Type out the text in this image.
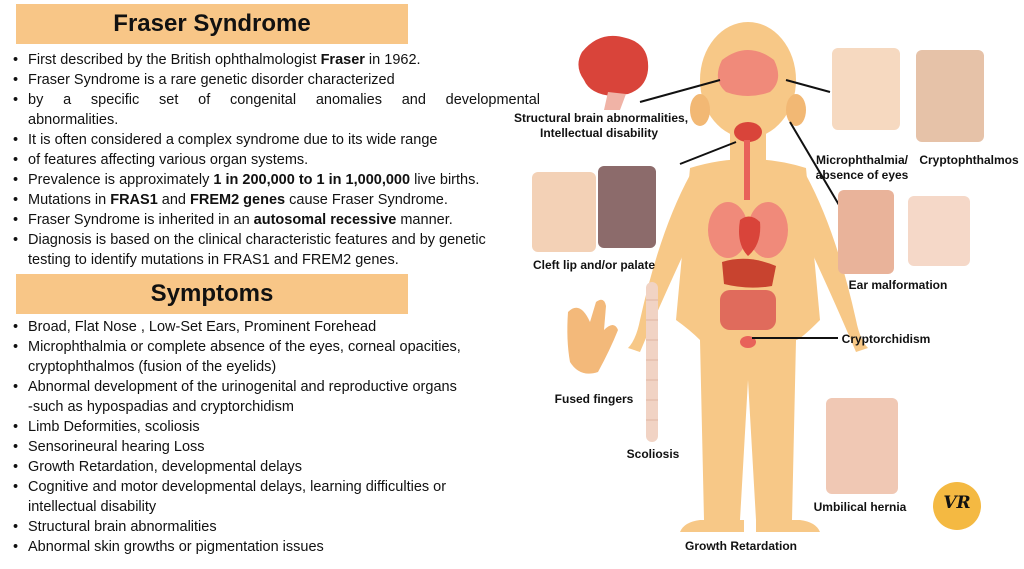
Fraser Syndrome
• First described by the British ophthalmologist Fraser in 1962.
• Fraser Syndrome is a rare genetic disorder characterized
• by a specific set of congenital anomalies and developmental
abnormalities.
• It is often considered a complex syndrome due to its wide range
• of features affecting various organ systems.
• Prevalence is approximately 1 in 200,000 to 1 in 1,000,000 live births.
• Mutations in FRAS1 and FREM2 genes cause Fraser Syndrome.
• Fraser Syndrome is inherited in an autosomal recessive manner.
• Diagnosis is based on the clinical characteristic features and by genetic
testing to identify mutations in FRAS1 and FREM2 genes.
Symptoms
• Broad, Flat Nose , Low-Set Ears, Prominent Forehead
• Microphthalmia or complete absence of the eyes, corneal opacities,
cryptophthalmos (fusion of the eyelids)
• Abnormal development of the urinogenital and reproductive organs
-such as hypospadias and cryptorchidism
• Limb Deformities, scoliosis
• Sensorineural hearing Loss
• Growth Retardation, developmental delays
• Cognitive and motor developmental delays, learning difficulties or
intellectual disability
• Structural brain abnormalities
• Abnormal skin growths or pigmentation issues
Structural brain abnormalities,
Intellectual disability
Microphthalmia/
absence of eyes
Cryptophthalmos
Cleft lip and/or palate
Ear malformation
Cryptorchidism
Fused fingers
Scoliosis
Umbilical hernia
Growth Retardation
VR
